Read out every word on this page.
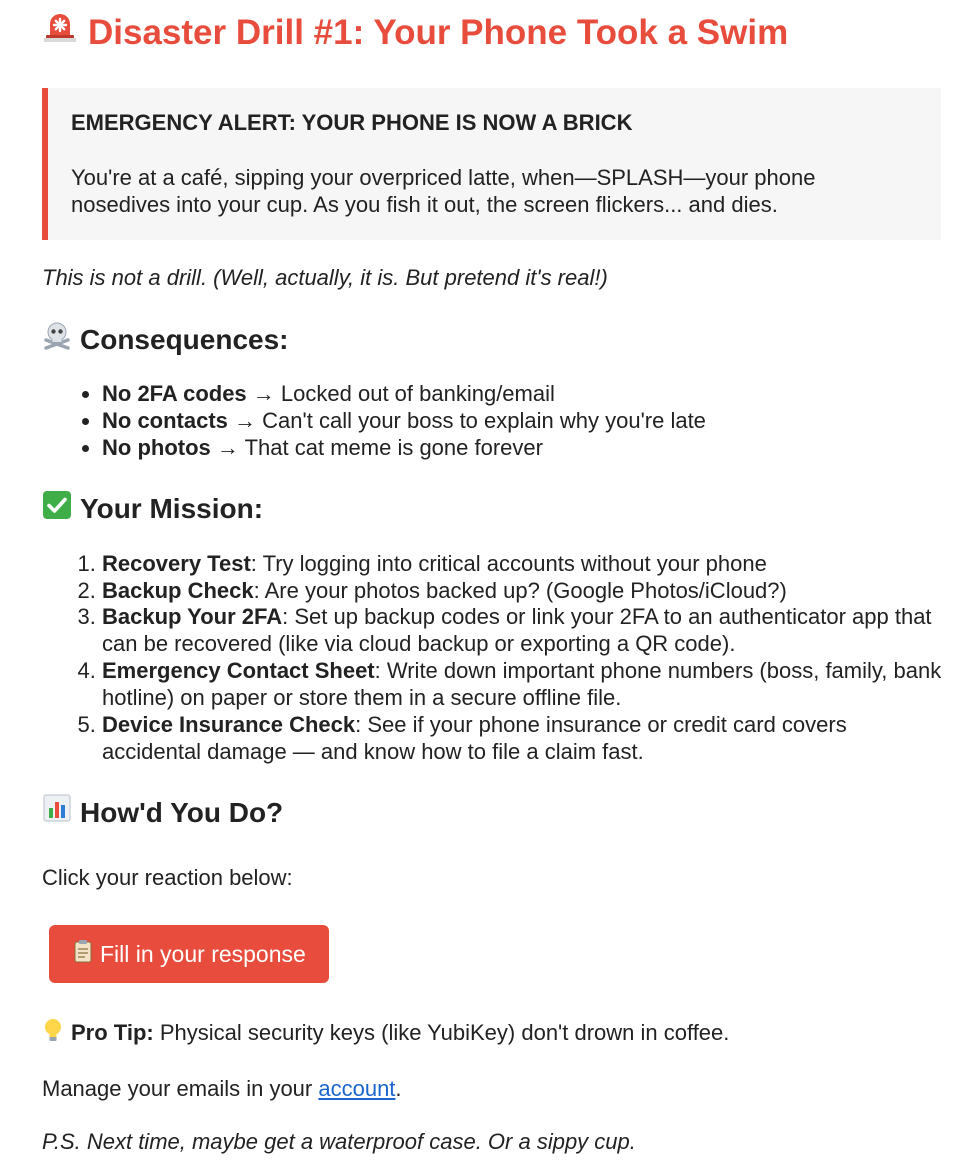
Disaster Drill #1: Your Phone Took a Swim

EMERGENCY ALERT: YOUR PHONE IS NOW A BRICK

You're at a café, sipping your overpriced latte, when—SPLASH—your phone nosedives into your cup. As you fish it out, the screen flickers... and dies.

This is not a drill. (Well, actually, it is. But pretend it's real!)

Consequences:
• No 2FA codes → Locked out of banking/email
• No contacts → Can't call your boss to explain why you're late
• No photos → That cat meme is gone forever
Your Mission:
1. Recovery Test: Try logging into critical accounts without your phone
2. Backup Check: Are your photos backed up? (Google Photos/iCloud?)
3. Backup Your 2FA: Set up backup codes or link your 2FA to an authenticator app that can be recovered (like via cloud backup or exporting a QR code).
4. Emergency Contact Sheet: Write down important phone numbers (boss, family, bank hotline) on paper or store them in a secure offline file.
5. Device Insurance Check: See if your phone insurance or credit card covers accidental damage — and know how to file a claim fast.
How'd You Do?

Click your reaction below:

Fill in your response

Pro Tip: Physical security keys (like YubiKey) don't drown in coffee.

Manage your emails in your account.

P.S. Next time, maybe get a waterproof case. Or a sippy cup.
